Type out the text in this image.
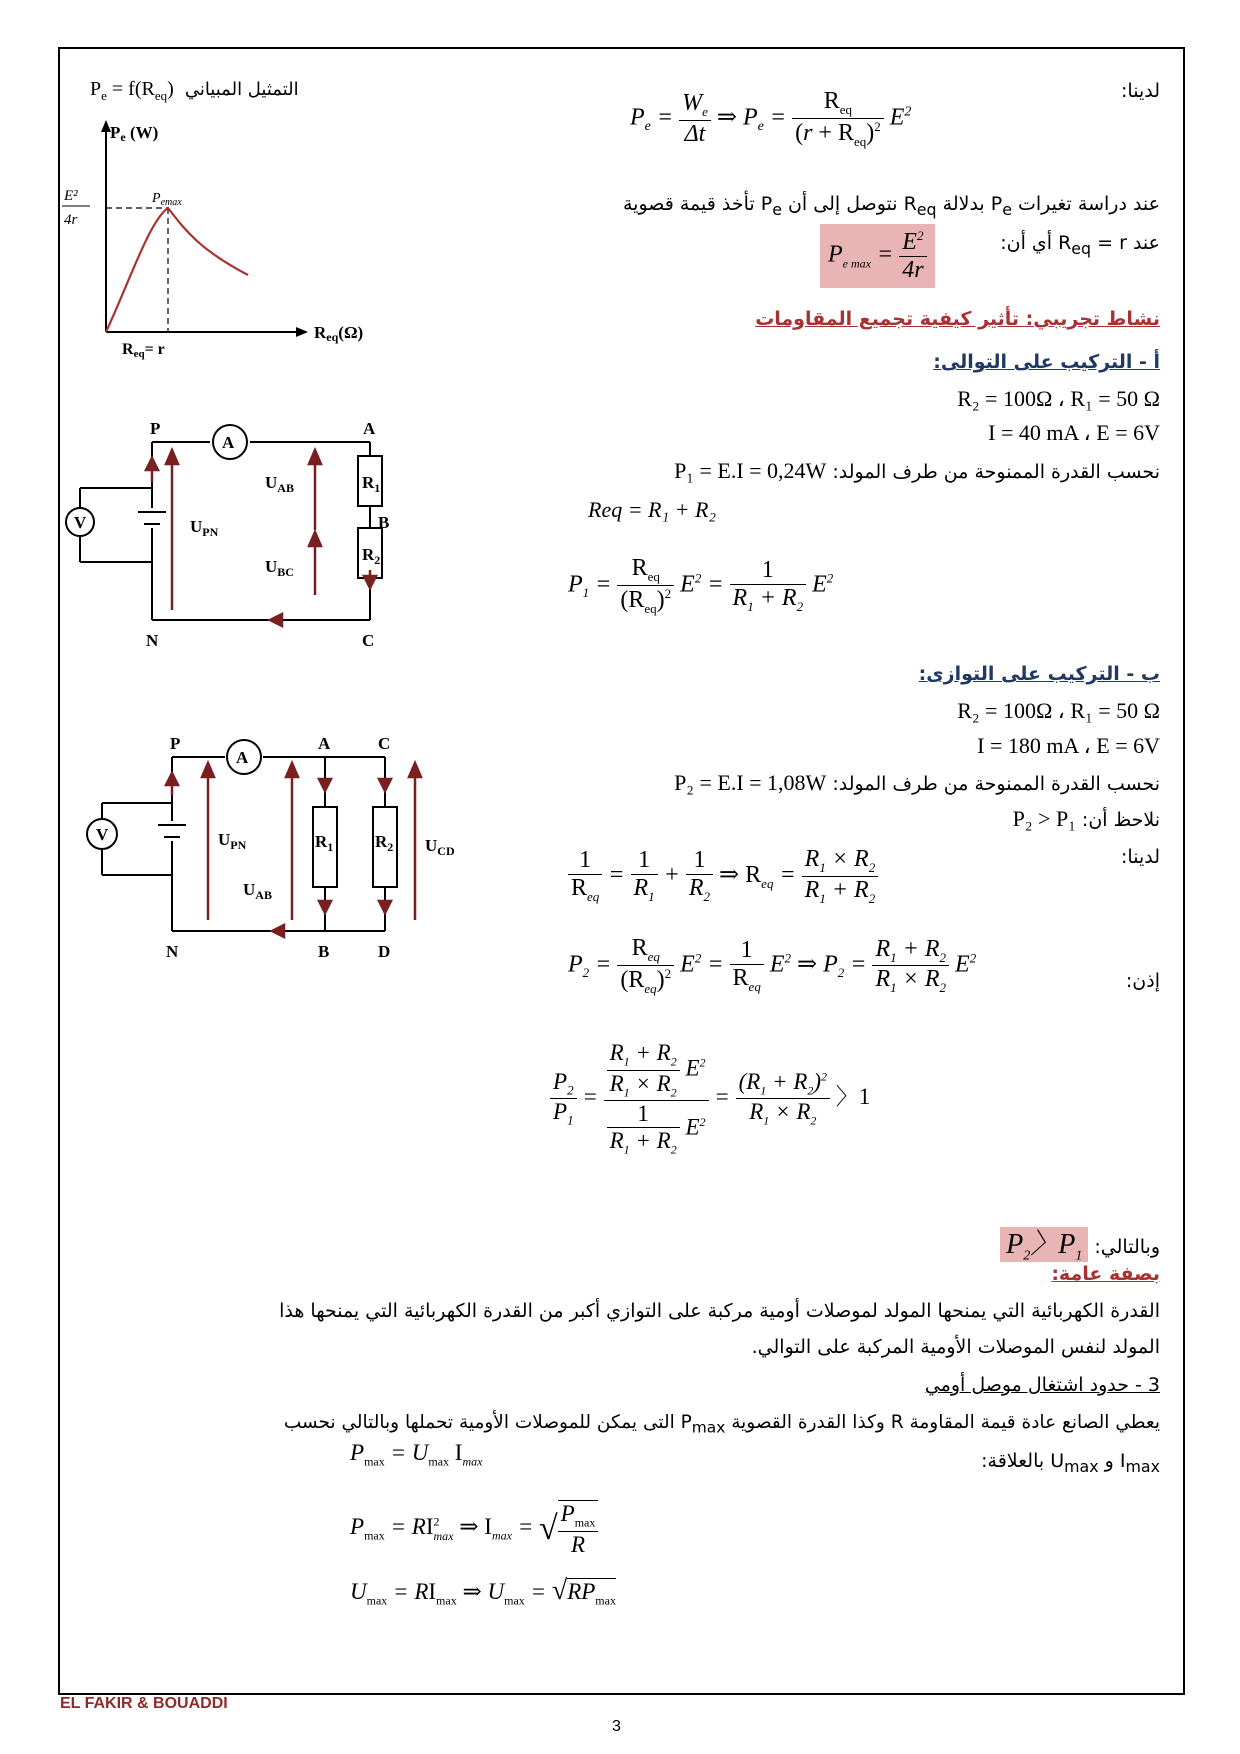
$P_e = f(R_{eq})$ التمثيل المبياني
Pe (W)
$P_{emax}$
E²
4r
Req(Ω)
Req= r
لدينا:
$P_e = \frac{W_e}{\Delta t}$ ⇒ $P_e = \frac{R_{eq}}{(r + R_{eq})^2} E^2$
عند دراسة تغيرات $P_e$ بدلالة $R_{eq}$ نتوصل إلى أن $P_e$ تأخذ قيمة قصوية
عند $R_{eq} = r$ أي أن:
$P_{e max} = \frac{E^2}{4r}$
نشاط تجريبي: تأثير كيفية تجميع المقاومات
أ - التركيب على التوالى:
R₂ = 100Ω ، R₁ = 50 Ω
I = 40 mA ، E = 6V
نحسب القدرة الممنوحة من طرف المولد: P₁ = E.I = 0,24W
Req = R₁ + R₂
$P_1 = \frac{R_{eq}}{(R_{eq})^2} E^2 = \frac{1}{R_1 + R_2} E^2$
P	A
B
C
N
A
V
$R_1$
$R_2$
$U_{AB}$
$U_{BC}$
$U_{PN}$
ب - التركيب على التوازى:
R₂ = 100Ω ، R₁ = 50 Ω
I = 180 mA ، E = 6V
نحسب القدرة الممنوحة من طرف المولد: P₂ = E.I = 1,08W
نلاحظ أن: P₂ > P₁
لدينا:
$\frac{1}{R_{eq}} = \frac{1}{R_1} + \frac{1}{R_2}$ ⇒ $R_{eq} = \frac{R_1 \times R_2}{R_1 + R_2}$
إذن:
$P_2 = \frac{R_{eq}}{(R_{eq})^2} E^2 = \frac{1}{R_{eq}} E^2$ ⇒ $P_2 = \frac{R_1 + R_2}{R_1 \times R_2} E^2$
$\frac{P_2}{P_1} = \frac{\frac{R_1 + R_2}{R_1 \times R_2} E^2}{\frac{1}{R_1 + R_2} E^2} = \frac{(R_1 + R_2)^2}{R_1 \times R_2}$ 〉1
وبالتالي: $P_2$〉$P_1$
P	A	C
B	D
N
A
V	$R_1$ $R_2$
$U_{PN}$
$U_{AB}$
$U_{CD}$
بصفة عامة:
القدرة الكهربائية التي يمنحها المولد لموصلات أومية مركبة على التوازي أكبر من القدرة الكهربائية التي يمنحها هذا
المولد لنفس الموصلات الأومية المركبة على التوالي.
3 - حدود اشتغال موصل أومي
يعطي الصانع عادة قيمة المقاومة R وكذا القدرة القصوية $P_{max}$ التى يمكن للموصلات الأومية تحملها وبالتالي نحسب
$I_{max}$ و $U_{max}$ بالعلاقة:
$P_{max} = U_{max}$ $I_{max}$
$P_{max} = RI^2_{max}$ ⇒ $I_{max}$ = √ $\frac{P_{max}}{R}$
$U_{max} = RI_{max}$ ⇒ $U_{max} = √RP_{max}$
EL FAKIR & BOUADDI
3
